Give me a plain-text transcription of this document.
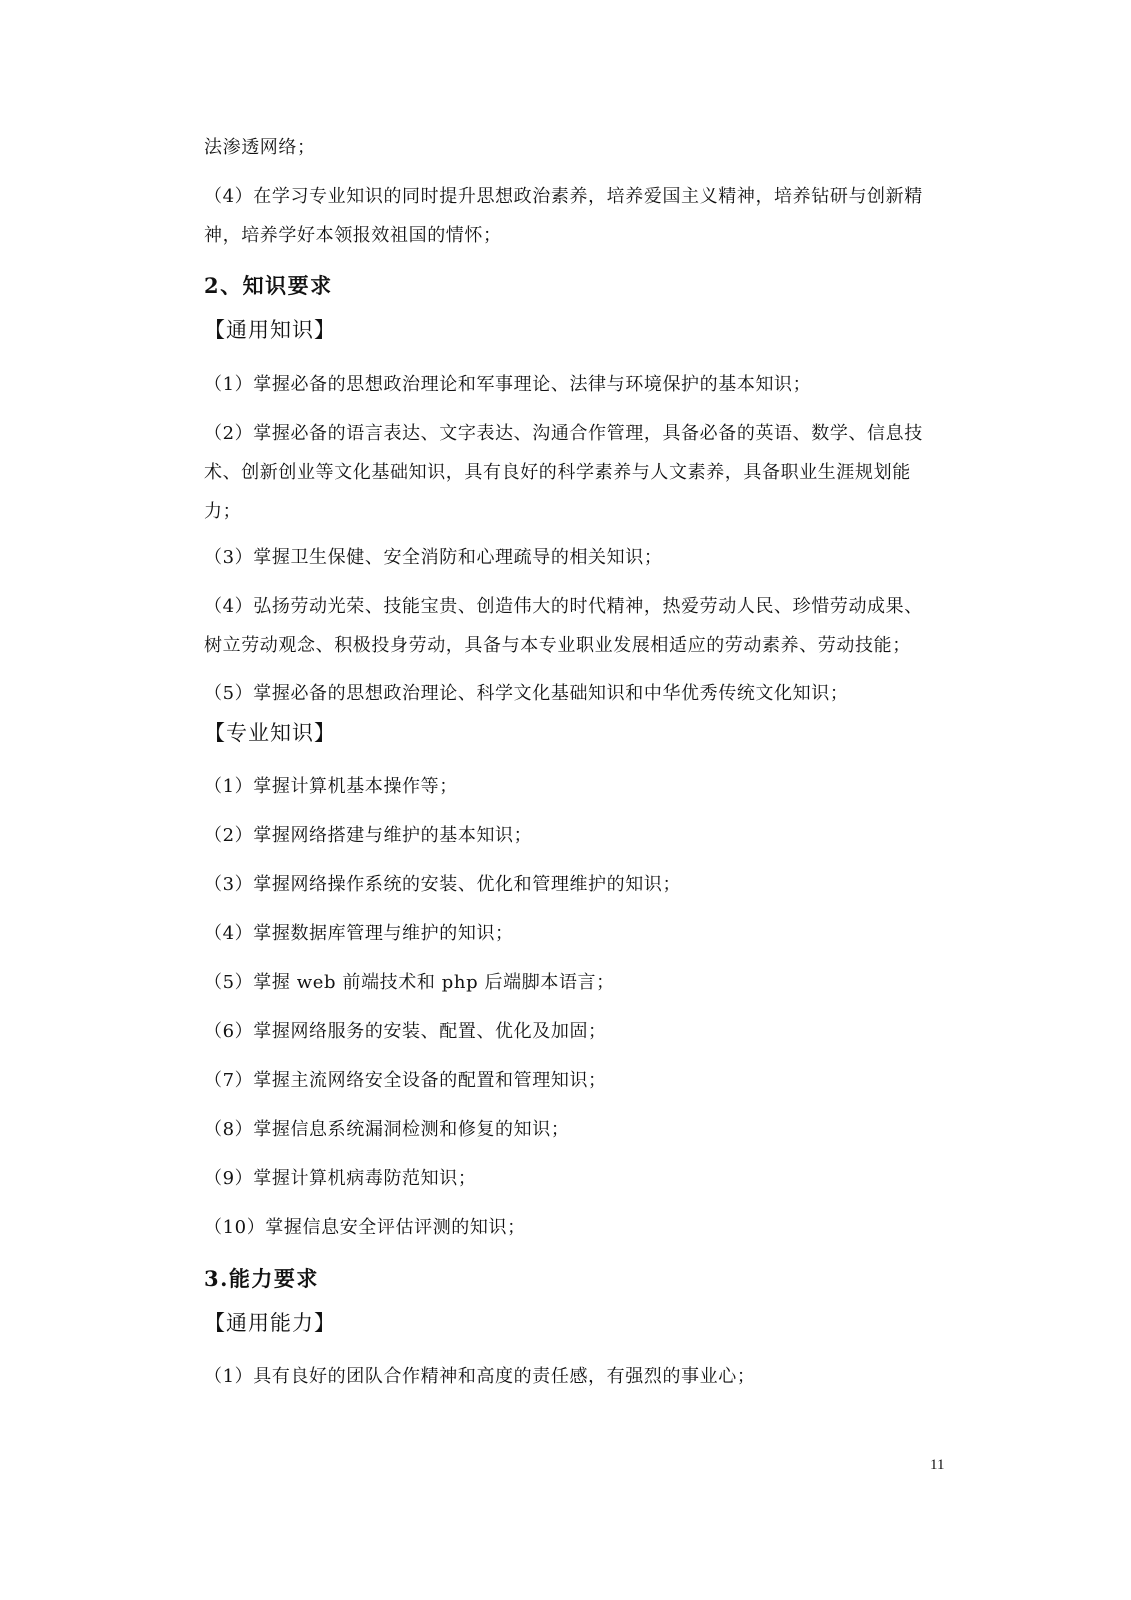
法渗透网络；
（4）在学习专业知识的同时提升思想政治素养，培养爱国主义精神，培养钻研与创新精
神，培养学好本领报效祖国的情怀；
2、知识要求
【通用知识】
（1）掌握必备的思想政治理论和军事理论、法律与环境保护的基本知识；
（2）掌握必备的语言表达、文字表达、沟通合作管理，具备必备的英语、数学、信息技
术、创新创业等文化基础知识，具有良好的科学素养与人文素养，具备职业生涯规划能
力；
（3）掌握卫生保健、安全消防和心理疏导的相关知识；
（4）弘扬劳动光荣、技能宝贵、创造伟大的时代精神，热爱劳动人民、珍惜劳动成果、
树立劳动观念、积极投身劳动，具备与本专业职业发展相适应的劳动素养、劳动技能；
（5）掌握必备的思想政治理论、科学文化基础知识和中华优秀传统文化知识；
【专业知识】
（1）掌握计算机基本操作等；
（2）掌握网络搭建与维护的基本知识；
（3）掌握网络操作系统的安装、优化和管理维护的知识；
（4）掌握数据库管理与维护的知识；
（5）掌握 web 前端技术和 php 后端脚本语言；
（6）掌握网络服务的安装、配置、优化及加固；
（7）掌握主流网络安全设备的配置和管理知识；
（8）掌握信息系统漏洞检测和修复的知识；
（9）掌握计算机病毒防范知识；
（10）掌握信息安全评估评测的知识；
3.能力要求
【通用能力】
（1）具有良好的团队合作精神和高度的责任感，有强烈的事业心；
11
